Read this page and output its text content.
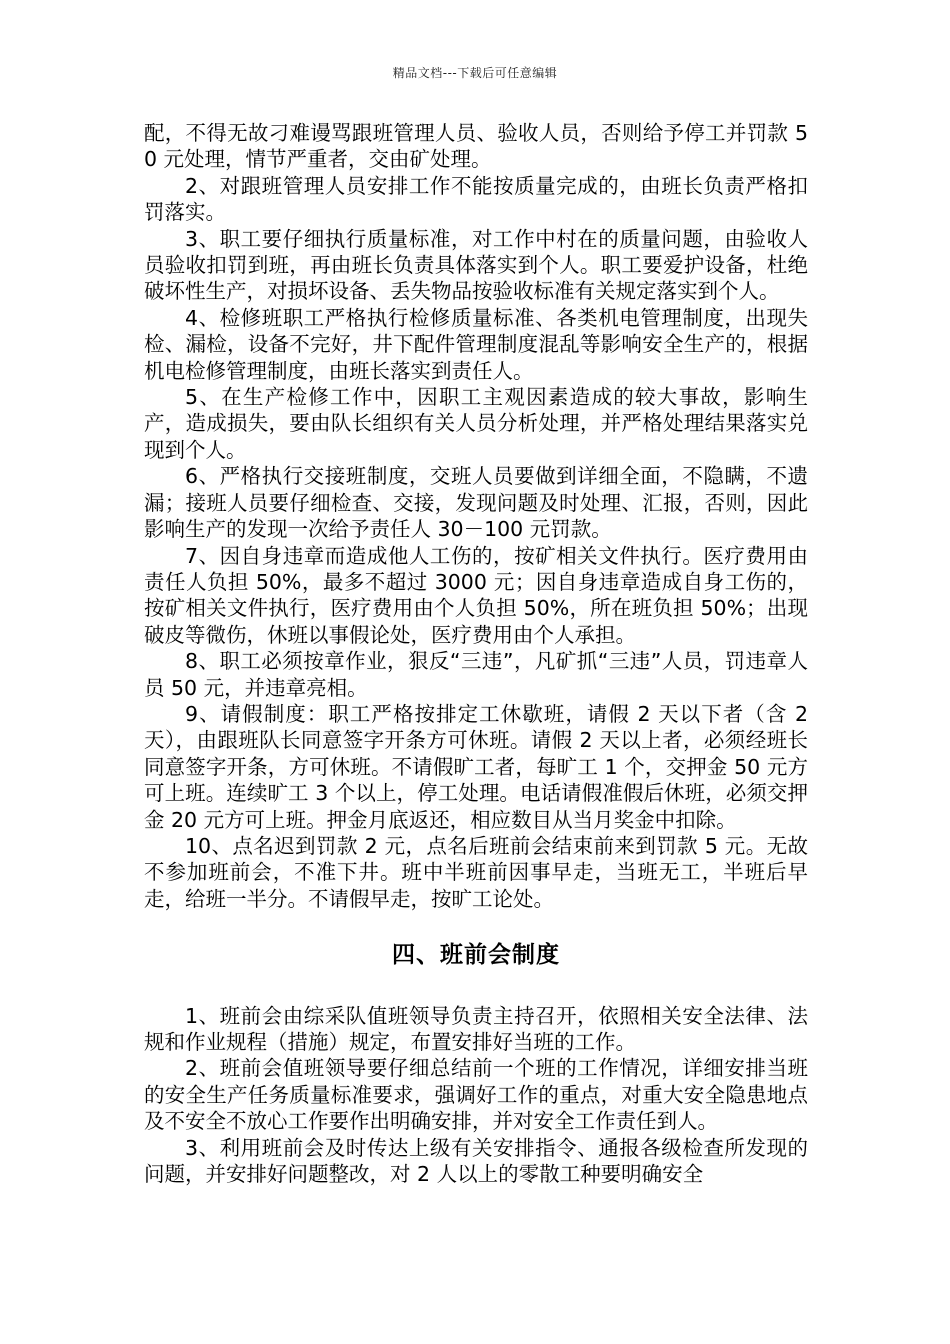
精品文档---下载后可任意编辑

配，不得无故刁难谩骂跟班管理人员、验收人员，否则给予停工并罚款 50 元处理，情节严重者，交由矿处理。

2、对跟班管理人员安排工作不能按质量完成的，由班长负责严格扣罚落实。

3、职工要仔细执行质量标准，对工作中村在的质量问题，由验收人员验收扣罚到班，再由班长负责具体落实到个人。职工要爱护设备，杜绝破坏性生产，对损坏设备、丢失物品按验收标准有关规定落实到个人。

4、检修班职工严格执行检修质量标准、各类机电管理制度，出现失检、漏检，设备不完好，井下配件管理制度混乱等影响安全生产的，根据机电检修管理制度，由班长落实到责任人。

5、在生产检修工作中，因职工主观因素造成的较大事故，影响生产，造成损失，要由队长组织有关人员分析处理，并严格处理结果落实兑现到个人。

6、严格执行交接班制度，交班人员要做到详细全面，不隐瞒，不遗漏；接班人员要仔细检查、交接，发现问题及时处理、汇报，否则，因此影响生产的发现一次给予责任人 30－100 元罚款。

7、因自身违章而造成他人工伤的，按矿相关文件执行。医疗费用由责任人负担 50%，最多不超过 3000 元；因自身违章造成自身工伤的，按矿相关文件执行，医疗费用由个人负担 50%，所在班负担 50%；出现破皮等微伤，休班以事假论处，医疗费用由个人承担。

8、职工必须按章作业，狠反“三违”，凡矿抓“三违”人员，罚违章人员 50 元，并违章亮相。

9、请假制度：职工严格按排定工休歇班，请假 2 天以下者（含 2 天），由跟班队长同意签字开条方可休班。请假 2 天以上者，必须经班长同意签字开条，方可休班。不请假旷工者，每旷工 1 个，交押金 50 元方可上班。连续旷工 3 个以上，停工处理。电话请假准假后休班，必须交押金 20 元方可上班。押金月底返还，相应数目从当月奖金中扣除。

10、点名迟到罚款 2 元，点名后班前会结束前来到罚款 5 元。无故不参加班前会，不准下井。班中半班前因事早走，当班无工，半班后早走，给班一半分。不请假早走，按旷工论处。

四、班前会制度

1、班前会由综采队值班领导负责主持召开，依照相关安全法律、法规和作业规程（措施）规定，布置安排好当班的工作。

2、班前会值班领导要仔细总结前一个班的工作情况，详细安排当班的安全生产任务质量标准要求，强调好工作的重点，对重大安全隐患地点及不安全不放心工作要作出明确安排，并对安全工作责任到人。

3、利用班前会及时传达上级有关安排指令、通报各级检查所发现的问题，并安排好问题整改，对 2 人以上的零散工种要明确安全
